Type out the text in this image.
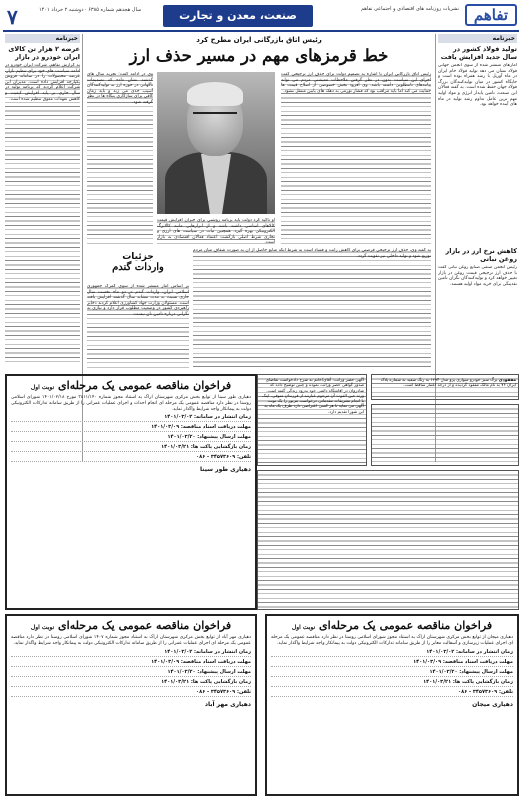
تفاهم
نشریات روزنامه های اقتصادی و اجتماعی تفاهم
صنعت، معدن و تجارت
سال هجدهم شماره ۶۳۸۵ · دوشنبه ۲ خرداد ۱۴۰۱
۷
خبرنامه
تولید فولاد کشور در سال جدید افزایش یافت
آمارهای منتشر شده از سوی انجمن جهانی فولاد نشان می دهد تولید فولاد خام ایران در ماه آوریل با رشد همراه بوده است و جایگاه کشور در میان تولیدکنندگان بزرگ فولاد جهان حفظ شده است. به گفته فعالان این صنعت، تامین پایدار انرژی و مواد اولیه مهم ترین عامل تداوم رشد تولید در ماه های آینده خواهد بود.
کاهش نرخ ارز در بازار روغن نباتی
رئیس انجمن صنفی صنایع روغن نباتی گفت با حذف ارز ترجیحی قیمت روغن در بازار تغییر خواهد کرد و تولیدکنندگان نگران تامین نقدینگی برای خرید مواد اولیه هستند.
رئیس اتاق بازرگانی ایران مطرح کرد
خط قرمزهای مهم در مسیر حذف ارز
رئیس اتاق بازرگانی ایران با اشاره به تصمیم دولت برای حذف ارز ترجیحی گفت اجرای این سیاست بدون در نظر گرفتن ملاحظات معیشتی مردم می تواند پیامدهای نامطلوبی داشته باشد. وی افزود بخش خصوصی از اصلاح قیمت ها حمایت می کند اما باید مراقب بود که فشار تورمی به دهک های پایین منتقل نشود.
وی در ادامه گفت: تجربه سال های گذشته نشان داده که تصمیمات ناگهانی در حوزه ارز به تولیدکنندگان آسیب جدی می زند و باید زمان کافی برای سازگاری بنگاه ها در نظر گرفته شود.
او تاکید کرد دولت باید برنامه روشنی برای جبران افزایش قیمت کالاهای اساسی داشته باشد و از ابزارهایی مانند کالابرگ الکترونیکی بهره گیرد. همچنین ثبات در سیاست های ارزی و تجاری شرط اصلی بازگشت اعتماد فعالان اقتصادی به بازار است.
به گفته وی، حذف ارز ترجیحی فرصتی برای کاهش رانت و فساد است به شرط آنکه منابع حاصل از آن به صورت شفاف میان مردم توزیع شود و تولید داخلی نیز تقویت گردد.
جزئیات
واردات گندم
بر اساس آمار منتشر شده از سوی گمرک جمهوری اسلامی ایران، واردات گندم در دو ماه نخست سال جاری نسبت به مدت مشابه سال گذشته افزایش یافته است. مسئولان وزارت جهاد کشاورزی اعلام کردند ذخایر راهبردی کشور در وضعیت مطلوب قرار دارد و نیازی به نگرانی درباره تامین نان نیست.
خبرنامه
عرضه ۲ هزار تن کالای ایران خودرو در بازار
به گزارش تفاهم، شرکت ایران خودرو در ادامه سیاست های خود برای تنظیم بازار، عرضه محصولات را در سامانه فروش یکپارچه افزایش داده است. مدیران این شرکت اعلام کردند که برنامه تولید در سال جاری بر پایه افزایش کیفیت و کاهش تعهدات معوق تنظیم شده است.
مفقودی برگ سبز خودرو سواری پژو مدل ۱۳۹۴ به رنگ سفید به شماره پلاک ایران ۷۶ به نام مالک مفقود گردیده و از درجه اعتبار ساقط است.
آگهی حصر وراثت: آقای/خانم به شرح دادخواست تقاضای صدور گواهی حصر وراثت نموده و چنین توضیح داده که شادروان در اقامتگاه دائمی خود بدرود زندگی گفته است. ورثه حین الفوت آن مرحوم عبارتند از فرزندان متوفی. اینک با انجام تشریفات مقدماتی درخواست مزبور را یک نوبت آگهی می نماید تا هر کسی اعتراضی دارد ظرف یک ماه به این شورا تقدیم دارد.
فراخوان مناقصه عمومی یک مرحله‌ای نوبت اول
دهیاری طور سینا از توابع بخش مرکزی شهرستان اراک به استناد مجوز شماره ۳۸۱۱/۱۴۰ مورخ ۱۴۰۱/۰۲/۱۸ شورای اسلامی روستا در نظر دارد مناقصه عمومی یک مرحله ای انجام احداث و اجرای عملیات عمرانی را از طریق سامانه تدارکات الکترونیکی دولت به پیمانکار واجد شرایط واگذار نماید.
زمان انتشار در سامانه: ۱۴۰۱/۰۳/۰۲
مهلت دریافت اسناد مناقصه: ۱۴۰۱/۰۳/۰۹
مهلت ارسال پیشنهاد: ۱۴۰۱/۰۳/۲۰
زمان بازگشایی پاکت ها: ۱۴۰۱/۰۳/۲۱
تلفن: ۳۴۵۷۳۶۰۹ - ۰۸۶
دهیاری طور سینا
فراخوان مناقصه عمومی یک مرحله‌ای نوبت اول
دهیاری مهر آباد از توابع بخش مرکزی شهرستان اراک به استناد مجوز شماره ۱۴۰۷ شورای اسلامی روستا در نظر دارد مناقصه عمومی یک مرحله ای اجرای عملیات عمرانی را از طریق سامانه تدارکات الکترونیکی دولت به پیمانکار واجد شرایط واگذار نماید.
زمان انتشار در سامانه: ۱۴۰۱/۰۳/۰۲
مهلت دریافت اسناد مناقصه: ۱۴۰۱/۰۳/۰۹
مهلت ارسال پیشنهاد: ۱۴۰۱/۰۳/۲۰
زمان بازگشایی پاکت ها: ۱۴۰۱/۰۳/۲۱
تلفن: ۳۴۵۷۳۶۰۹ - ۰۸۶
دهیاری مهر آباد
فراخوان مناقصه عمومی یک مرحله‌ای نوبت اول
دهیاری میجان از توابع بخش مرکزی شهرستان اراک به استناد مجوز شورای اسلامی روستا در نظر دارد مناقصه عمومی یک مرحله ای اجرای عملیات زیرسازی و آسفالت معابر را از طریق سامانه تدارکات الکترونیکی دولت به پیمانکار واجد شرایط واگذار نماید.
زمان انتشار در سامانه: ۱۴۰۱/۰۳/۰۲
مهلت دریافت اسناد مناقصه: ۱۴۰۱/۰۳/۰۹
مهلت ارسال پیشنهاد: ۱۴۰۱/۰۳/۲۰
زمان بازگشایی پاکت ها: ۱۴۰۱/۰۳/۲۱
تلفن: ۳۴۵۷۳۶۰۹ - ۰۸۶
دهیاری میجان
